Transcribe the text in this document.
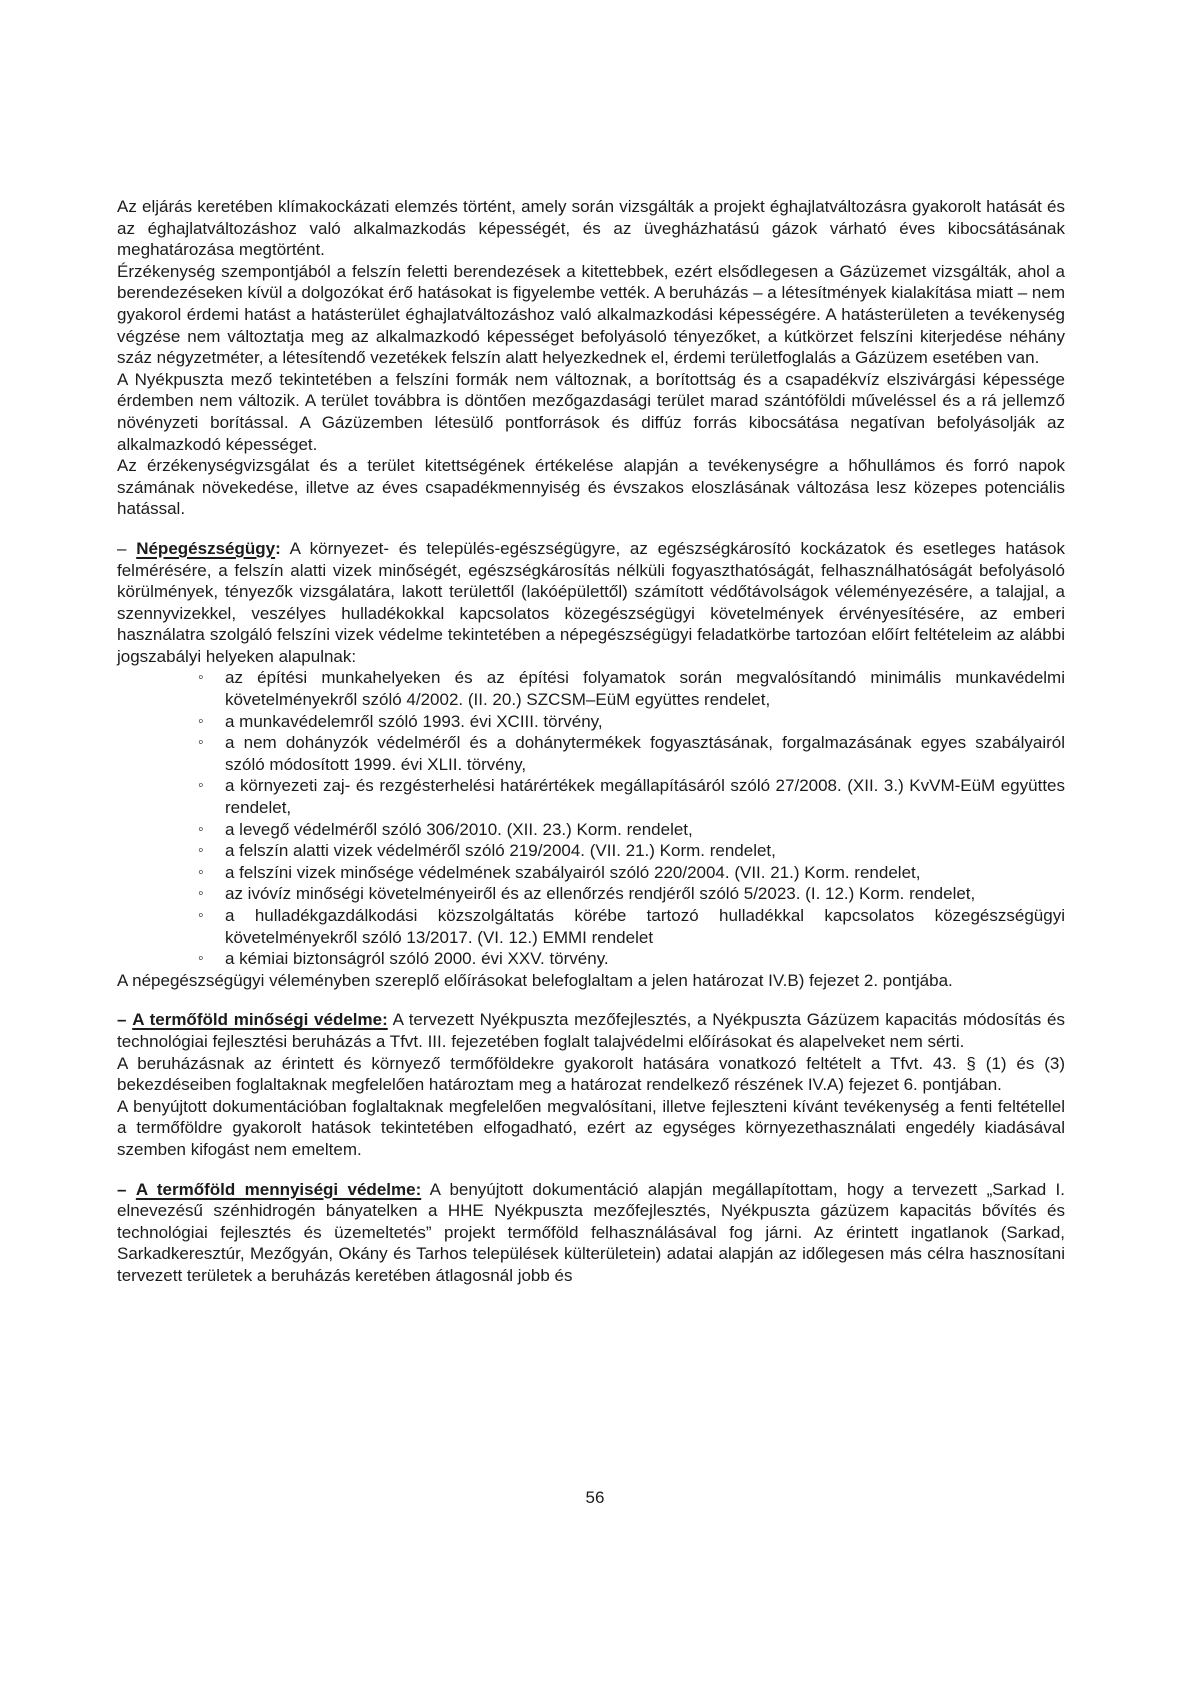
Az eljárás keretében klímakockázati elemzés történt, amely során vizsgálták a projekt éghajlatváltozásra gyakorolt hatását és az éghajlatváltozáshoz való alkalmazkodás képességét, és az üvegházhatású gázok várható éves kibocsátásának meghatározása megtörtént.

Érzékenység szempontjából a felszín feletti berendezések a kitettebbek, ezért elsődlegesen a Gázüzemet vizsgálták, ahol a berendezéseken kívül a dolgozókat érő hatásokat is figyelembe vették. A beruházás – a létesítmények kialakítása miatt – nem gyakorol érdemi hatást a hatásterület éghajlatváltozáshoz való alkalmazkodási képességére. A hatásterületen a tevékenység végzése nem változtatja meg az alkalmazkodó képességet befolyásoló tényezőket, a kútkörzet felszíni kiterjedése néhány száz négyzetméter, a létesítendő vezetékek felszín alatt helyezkednek el, érdemi területfoglalás a Gázüzem esetében van.

A Nyékpuszta mező tekintetében a felszíni formák nem változnak, a borítottság és a csapadékvíz elszivárgási képessége érdemben nem változik. A terület továbbra is döntően mezőgazdasági terület marad szántóföldi műveléssel és a rá jellemző növényzeti borítással. A Gázüzemben létesülő pontforrások és diffúz forrás kibocsátása negatívan befolyásolják az alkalmazkodó képességet.

Az érzékenységvizsgálat és a terület kitettségének értékelése alapján a tevékenységre a hőhullámos és forró napok számának növekedése, illetve az éves csapadékmennyiség és évszakos eloszlásának változása lesz közepes potenciális hatással.

– Népegészségügy: A környezet- és település-egészségügyre, az egészségkárosító kockázatok és esetleges hatások felmérésére, a felszín alatti vizek minőségét, egészségkárosítás nélküli fogyaszthatóságát, felhasználhatóságát befolyásoló körülmények, tényezők vizsgálatára, lakott területtől (lakóépülettől) számított védőtávolságok véleményezésére, a talajjal, a szennyvizekkel, veszélyes hulladékokkal kapcsolatos közegészségügyi követelmények érvényesítésére, az emberi használatra szolgáló felszíni vizek védelme tekintetében a népegészségügyi feladatkörbe tartozóan előírt feltételeim az alábbi jogszabályi helyeken alapulnak:

◦ az építési munkahelyeken és az építési folyamatok során megvalósítandó minimális munkavédelmi követelményekről szóló 4/2002. (II. 20.) SZCSM–EüM együttes rendelet,
◦ a munkavédelemről szóló 1993. évi XCIII. törvény,
◦ a nem dohányzók védelméről és a dohánytermékek fogyasztásának, forgalmazásának egyes szabályairól szóló módosított 1999. évi XLII. törvény,
◦ a környezeti zaj- és rezgésterhelési határértékek megállapításáról szóló 27/2008. (XII. 3.) KvVM-EüM együttes rendelet,
◦ a levegő védelméről szóló 306/2010. (XII. 23.) Korm. rendelet,
◦ a felszín alatti vizek védelméről szóló 219/2004. (VII. 21.) Korm. rendelet,
◦ a felszíni vizek minősége védelmének szabályairól szóló 220/2004. (VII. 21.) Korm. rendelet,
◦ az ivóvíz minőségi követelményeiről és az ellenőrzés rendjéről szóló 5/2023. (I. 12.) Korm. rendelet,
◦ a hulladékgazdálkodási közszolgáltatás körébe tartozó hulladékkal kapcsolatos közegészségügyi követelményekről szóló 13/2017. (VI. 12.) EMMI rendelet
◦ a kémiai biztonságról szóló 2000. évi XXV. törvény.

A népegészségügyi véleményben szereplő előírásokat belefoglaltam a jelen határozat IV.B) fejezet 2. pontjába.

– A termőföld minőségi védelme: A tervezett Nyékpuszta mezőfejlesztés, a Nyékpuszta Gázüzem kapacitás módosítás és technológiai fejlesztési beruházás a Tfvt. III. fejezetében foglalt talajvédelmi előírásokat és alapelveket nem sérti.

A beruházásnak az érintett és környező termőföldekre gyakorolt hatására vonatkozó feltételt a Tfvt. 43. § (1) és (3) bekezdéseiben foglaltaknak megfelelően határoztam meg a határozat rendelkező részének IV.A) fejezet 6. pontjában.

A benyújtott dokumentációban foglaltaknak megfelelően megvalósítani, illetve fejleszteni kívánt tevékenység a fenti feltétellel a termőföldre gyakorolt hatások tekintetében elfogadható, ezért az egységes környezethasználati engedély kiadásával szemben kifogást nem emeltem.

– A termőföld mennyiségi védelme: A benyújtott dokumentáció alapján megállapítottam, hogy a tervezett „Sarkad I. elnevezésű szénhidrogén bányatelken a HHE Nyékpuszta mezőfejlesztés, Nyékpuszta gázüzem kapacitás bővítés és technológiai fejlesztés és üzemeltetés” projekt termőföld felhasználásával fog járni. Az érintett ingatlanok (Sarkad, Sarkadkeresztúr, Mezőgyán, Okány és Tarhos települések külterületein) adatai alapján az időlegesen más célra hasznosítani tervezett területek a beruházás keretében átlagosnál jobb és

56
